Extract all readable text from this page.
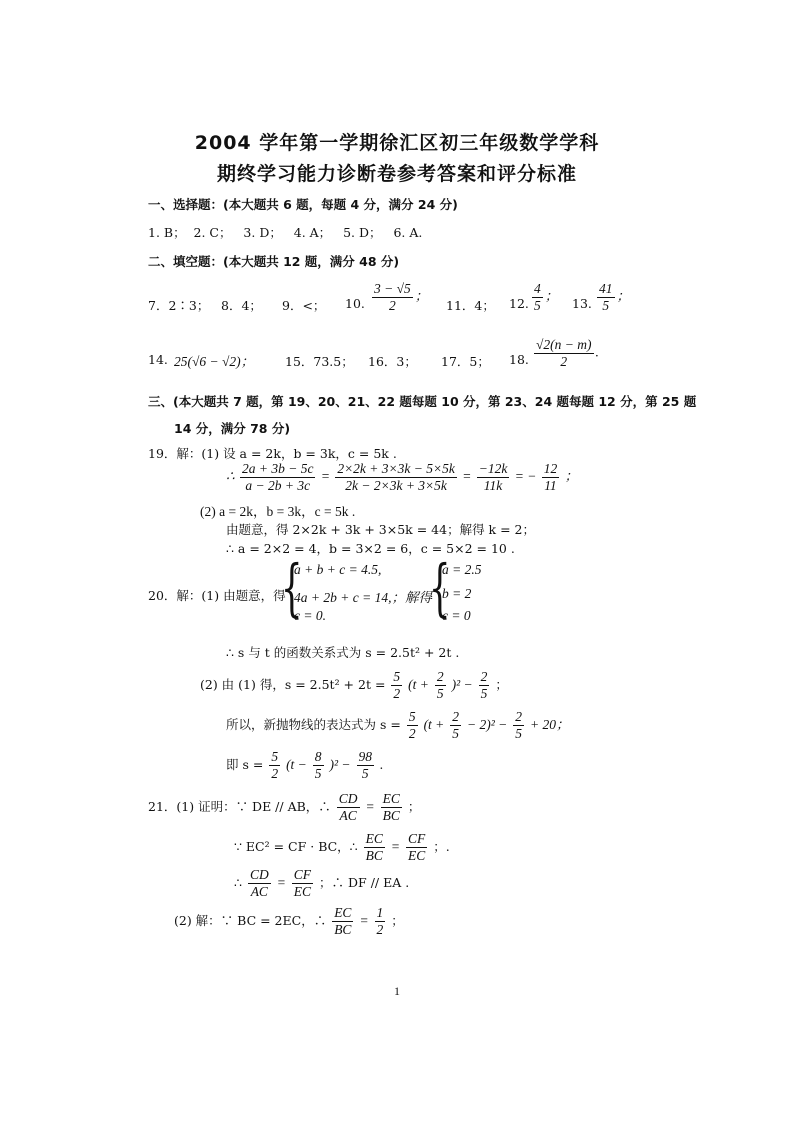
2004 学年第一学期徐汇区初三年级数学学科
期终学习能力诊断卷参考答案和评分标准
一、选择题：(本大题共 6 题，每题 4 分，满分 24 分)
1. B；  2. C；   3. D；   4. A；   5. D；   6. A.
二、填空题：(本大题共 12 题，满分 48 分)
7．2∶3； 8．4； 9．<； 10. $\frac{3 - √5}{2}$ ；
11．4； 12. $\frac{4}{5}$ ； 13. $\frac{41}{5}$ ；
14. 25(√6 − √2)； 15．73.5； 16．3； 17．5； 18. $\frac{√2(n - m)}{2}$ .
三、(本大题共 7 题，第 19、20、21、22 题每题 10 分，第 23、24 题每题 12 分，第 25 题
14 分，满分 78 分)
19．解：(1) 设 a = 2k，b = 3k，c = 5k .
∴ $\frac{2a + 3b - 5c}{a - 2b + 3c} = \frac{2\times 2k + 3\times 3k - 5\times 5k}{2k - 2\times 3k + 3\times 5k} = \frac{-12k}{11k}$ = − $\frac{12}{11}$ ；
(2) a = 2k，b = 3k，c = 5k .
由题意，得 2×2k + 3k + 3×5k = 44；解得 k = 2；
∴ a = 2×2 = 4，b = 3×2 = 6，c = 5×2 = 10 .
20．解：(1) 由题意，得
{
a + b + c = 4.5,
4a + 2b + c = 14,；解得
c = 0. {
a = 2.5
b = 2
c = 0
∴ s 与 t 的函数关系式为 s = 2.5t² + 2t .
(2) 由 (1) 得，$s = 2.5t^2 + 2t = \frac{5}{2} (t + \frac{2}{5} )^2 - \frac{2}{5}$ ；
所以，新抛物线的表达式为 $s = \frac{5}{2} (t + \frac{2}{5} - 2)^2 - \frac{2}{5} + 20$；
即 $s = \frac{5}{2} (t - \frac{8}{5} )^2 - \frac{98}{5}$ .
21．(1) 证明：∵ DE // AB，∴ $\frac{CD}{AC} = \frac{EC}{BC}$ ；
∵ EC² = CF · BC，∴ $\frac{EC}{BC} = \frac{CF}{EC}$ ；.
∴ $\frac{CD}{AC} = \frac{CF}{EC}$ ；∴ DF // EA .
(2) 解：∵ BC = 2EC，∴ $\frac{EC}{BC} = \frac{1}{2}$ ；
1
